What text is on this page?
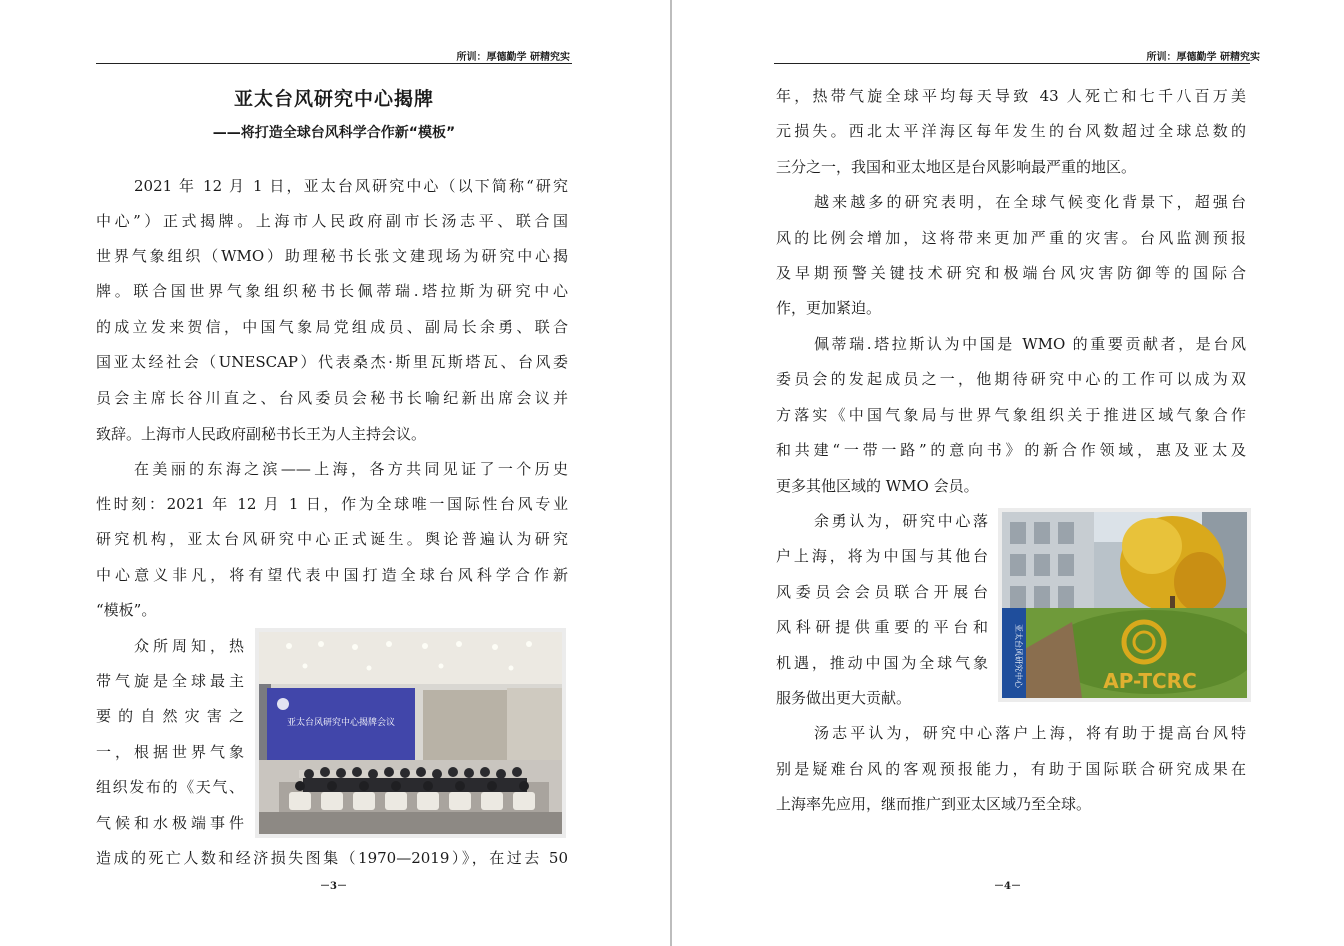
所训：厚德勤学 研精究实
亚太台风研究中心揭牌
——将打造全球台风科学合作新“模板”
2021 年 12 月 1 日，亚太台风研究中心（以下简称“研究
中心”）正式揭牌。上海市人民政府副市长汤志平、联合国
世界气象组织（WMO）助理秘书长张文建现场为研究中心揭
牌。联合国世界气象组织秘书长佩蒂瑞.塔拉斯为研究中心
的成立发来贺信，中国气象局党组成员、副局长余勇、联合
国亚太经社会（UNESCAP）代表桑杰·斯里瓦斯塔瓦、台风委
员会主席长谷川直之、台风委员会秘书长喻纪新出席会议并
致辞。上海市人民政府副秘书长王为人主持会议。
在美丽的东海之滨——上海，各方共同见证了一个历史
性时刻：2021 年 12 月 1 日，作为全球唯一国际性台风专业
研究机构，亚太台风研究中心正式诞生。舆论普遍认为研究
中心意义非凡，将有望代表中国打造全球台风科学合作新
“模板”。
众所周知，热
带气旋是全球最主
要的自然灾害之
一，根据世界气象
组织发布的《天气、
气候和水极端事件
造成的死亡人数和经济损失图集（1970—2019）》，在过去 50
亚太台风研究中心揭牌会议
－3－
所训：厚德勤学 研精究实
年，热带气旋全球平均每天导致 43 人死亡和七千八百万美
元损失。西北太平洋海区每年发生的台风数超过全球总数的
三分之一，我国和亚太地区是台风影响最严重的地区。
越来越多的研究表明，在全球气候变化背景下，超强台
风的比例会增加，这将带来更加严重的灾害。台风监测预报
及早期预警关键技术研究和极端台风灾害防御等的国际合
作，更加紧迫。
佩蒂瑞.塔拉斯认为中国是 WMO 的重要贡献者，是台风
委员会的发起成员之一，他期待研究中心的工作可以成为双
方落实《中国气象局与世界气象组织关于推进区域气象合作
和共建“一带一路”的意向书》的新合作领域，惠及亚太及
更多其他区域的 WMO 会员。
余勇认为，研究中心落
户上海，将为中国与其他台
风委员会会员联合开展台
风科研提供重要的平台和
机遇，推动中国为全球气象
服务做出更大贡献。
汤志平认为，研究中心落户上海，将有助于提高台风特
别是疑难台风的客观预报能力，有助于国际联合研究成果在
上海率先应用，继而推广到亚太区域乃至全球。
亚太台风研究中心	AP-TCRC
－4－
